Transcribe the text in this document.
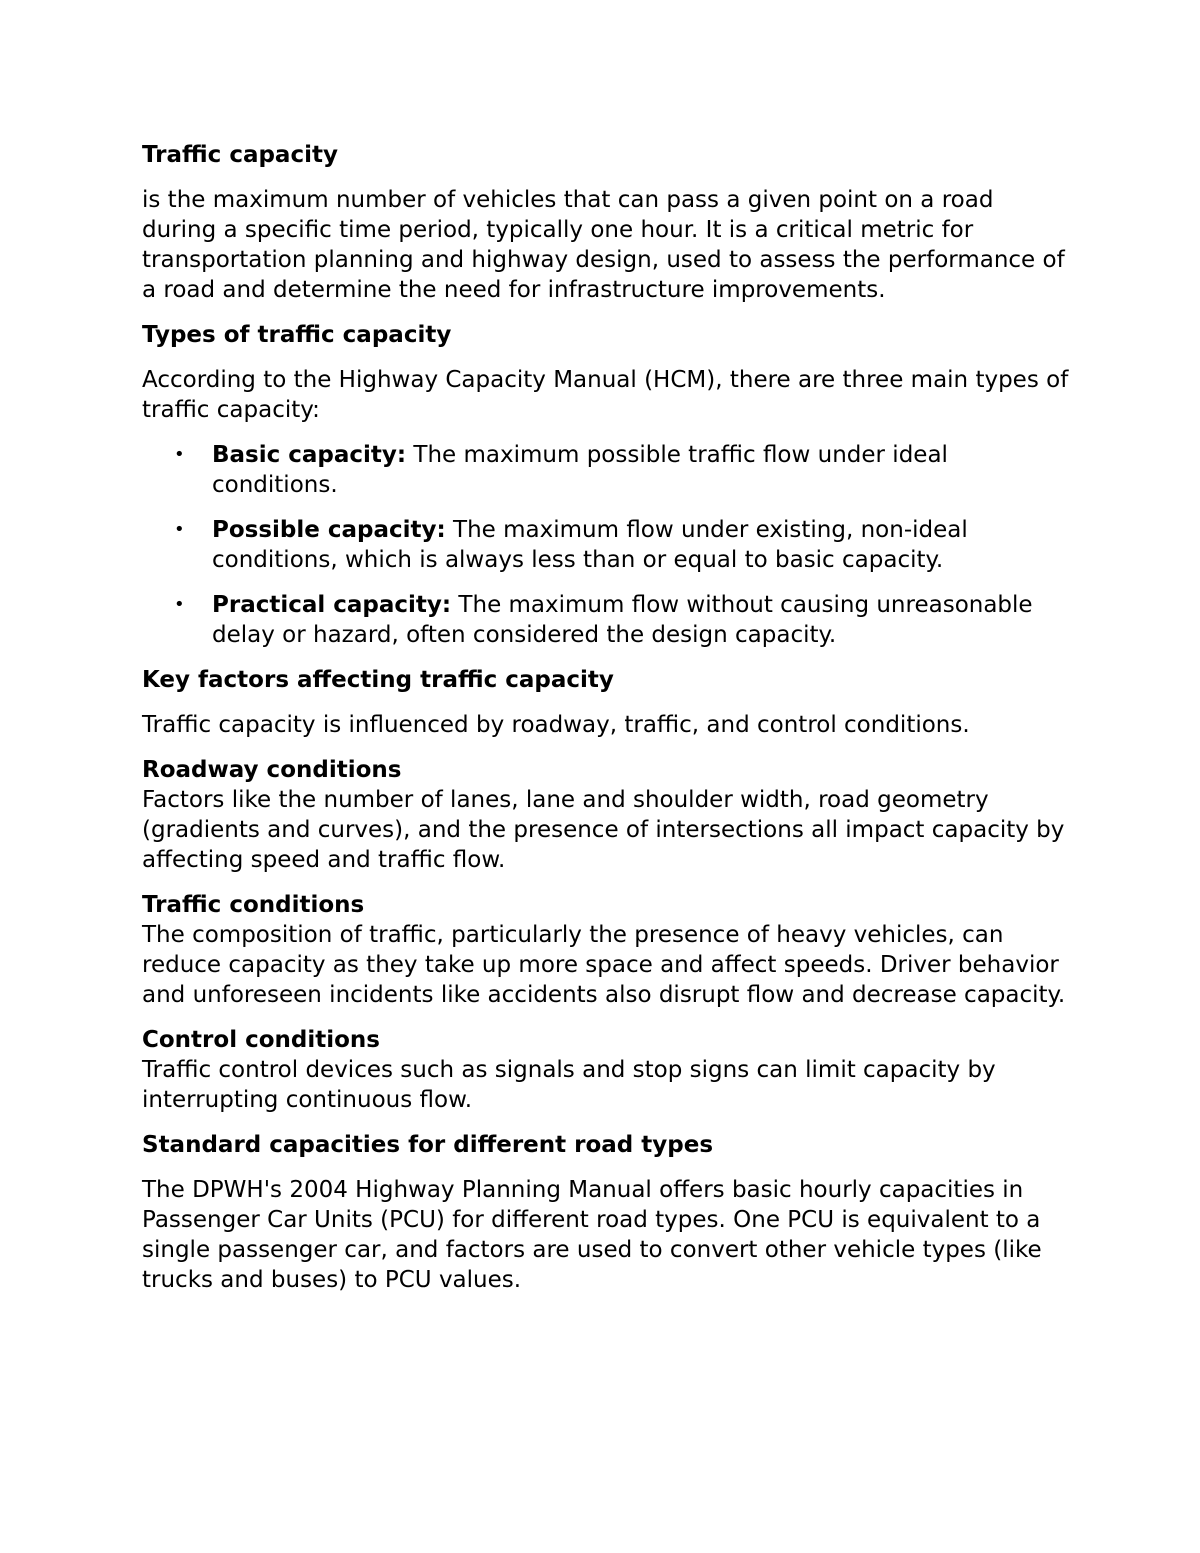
Traffic capacity

is the maximum number of vehicles that can pass a given point on a road during a specific time period, typically one hour. It is a critical metric for transportation planning and highway design, used to assess the performance of a road and determine the need for infrastructure improvements.

Types of traffic capacity

According to the Highway Capacity Manual (HCM), there are three main types of traffic capacity:

• Basic capacity: The maximum possible traffic flow under ideal conditions.
• Possible capacity: The maximum flow under existing, non-ideal conditions, which is always less than or equal to basic capacity.
• Practical capacity: The maximum flow without causing unreasonable delay or hazard, often considered the design capacity.

Key factors affecting traffic capacity

Traffic capacity is influenced by roadway, traffic, and control conditions.

Roadway conditions

Factors like the number of lanes, lane and shoulder width, road geometry (gradients and curves), and the presence of intersections all impact capacity by affecting speed and traffic flow.

Traffic conditions

The composition of traffic, particularly the presence of heavy vehicles, can reduce capacity as they take up more space and affect speeds. Driver behavior and unforeseen incidents like accidents also disrupt flow and decrease capacity.

Control conditions

Traffic control devices such as signals and stop signs can limit capacity by interrupting continuous flow.

Standard capacities for different road types

The DPWH's 2004 Highway Planning Manual offers basic hourly capacities in Passenger Car Units (PCU) for different road types. One PCU is equivalent to a single passenger car, and factors are used to convert other vehicle types (like trucks and buses) to PCU values.
